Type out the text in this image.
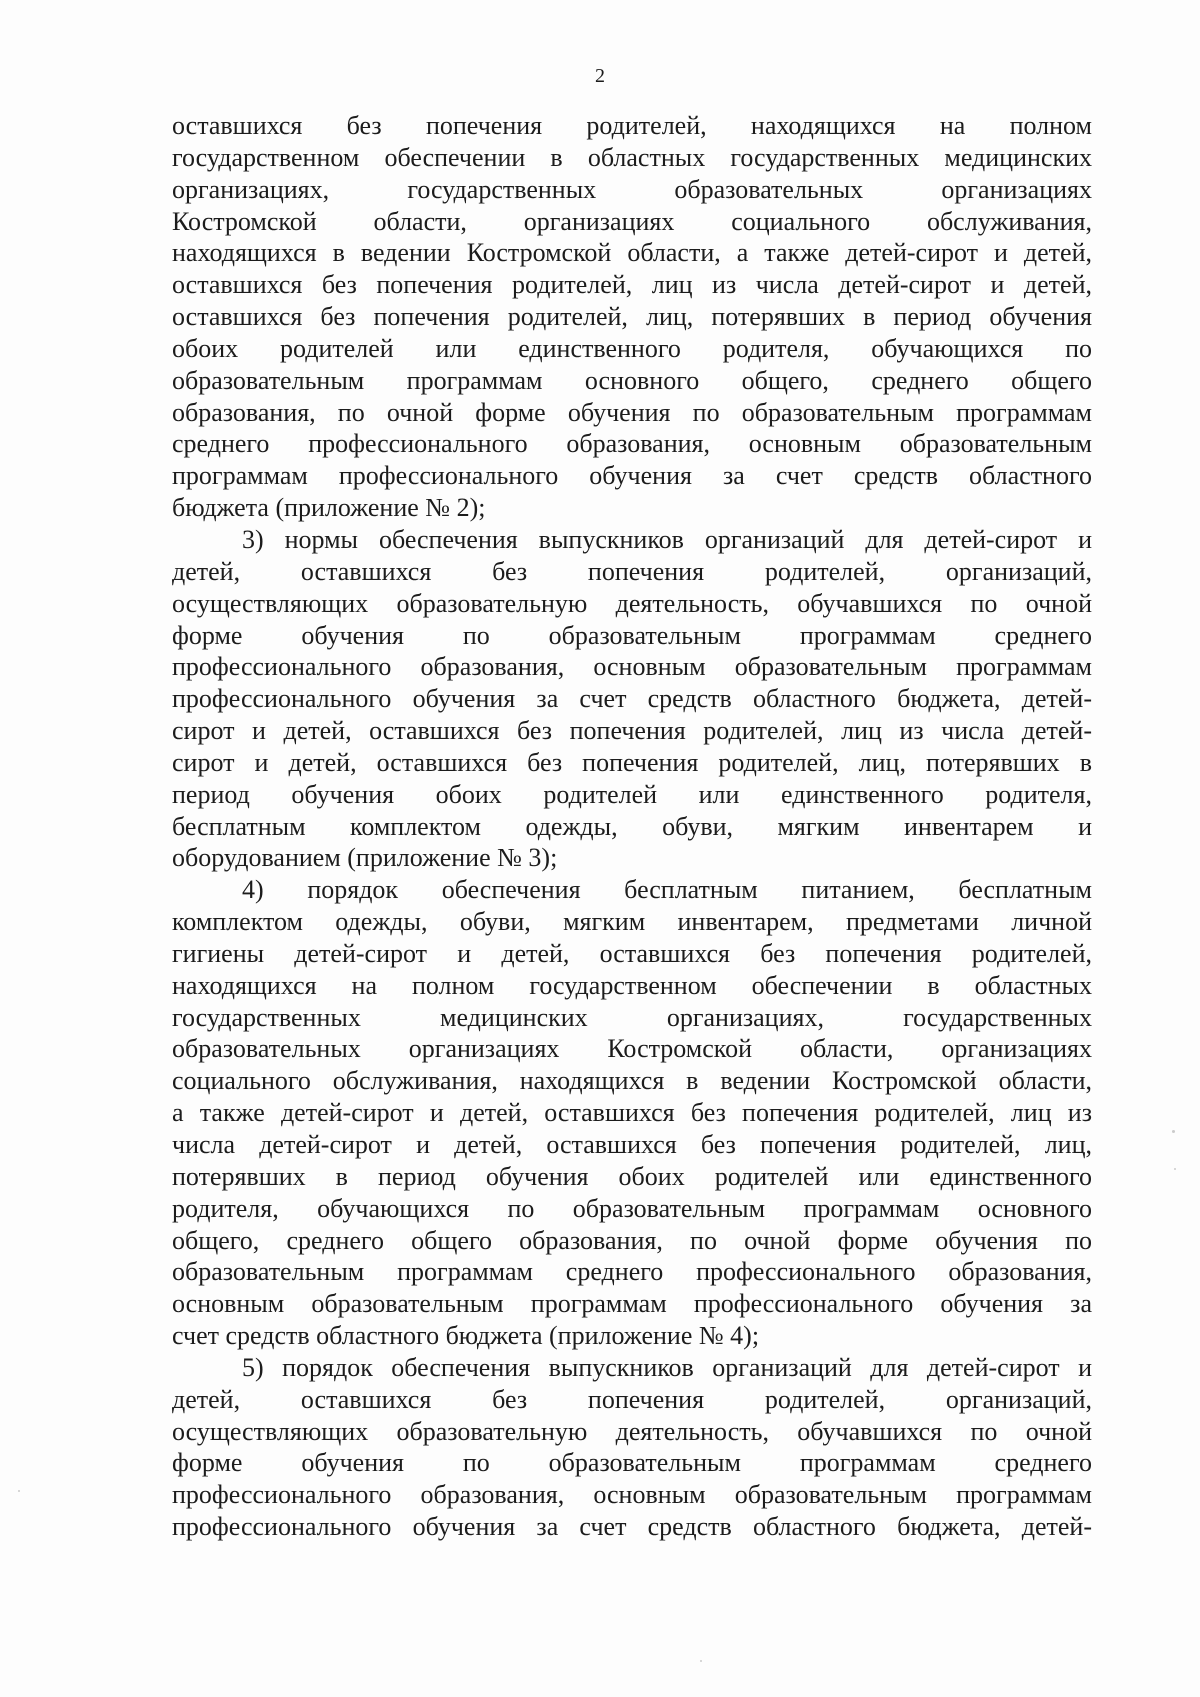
2
оставшихся без попечения родителей, находящихся на полном
государственном обеспечении в областных государственных медицинских
организациях, государственных образовательных организациях
Костромской области, организациях социального обслуживания,
находящихся в ведении Костромской области, а также детей-сирот и детей,
оставшихся без попечения родителей, лиц из числа детей-сирот и детей,
оставшихся без попечения родителей, лиц, потерявших в период обучения
обоих родителей или единственного родителя, обучающихся по
образовательным программам основного общего, среднего общего
образования, по очной форме обучения по образовательным программам
среднего профессионального образования, основным образовательным
программам профессионального обучения за счет средств областного
бюджета (приложение № 2);
3) нормы обеспечения выпускников организаций для детей-сирот и
детей, оставшихся без попечения родителей, организаций,
осуществляющих образовательную деятельность, обучавшихся по очной
форме обучения по образовательным программам среднего
профессионального образования, основным образовательным программам
профессионального обучения за счет средств областного бюджета, детей-
сирот и детей, оставшихся без попечения родителей, лиц из числа детей-
сирот и детей, оставшихся без попечения родителей, лиц, потерявших в
период обучения обоих родителей или единственного родителя,
бесплатным комплектом одежды, обуви, мягким инвентарем и
оборудованием (приложение № 3);
4) порядок обеспечения бесплатным питанием, бесплатным
комплектом одежды, обуви, мягким инвентарем, предметами личной
гигиены детей-сирот и детей, оставшихся без попечения родителей,
находящихся на полном государственном обеспечении в областных
государственных медицинских организациях, государственных
образовательных организациях Костромской области, организациях
социального обслуживания, находящихся в ведении Костромской области,
а также детей-сирот и детей, оставшихся без попечения родителей, лиц из
числа детей-сирот и детей, оставшихся без попечения родителей, лиц,
потерявших в период обучения обоих родителей или единственного
родителя, обучающихся по образовательным программам основного
общего, среднего общего образования, по очной форме обучения по
образовательным программам среднего профессионального образования,
основным образовательным программам профессионального обучения за
счет средств областного бюджета (приложение № 4);
5) порядок обеспечения выпускников организаций для детей-сирот и
детей, оставшихся без попечения родителей, организаций,
осуществляющих образовательную деятельность, обучавшихся по очной
форме обучения по образовательным программам среднего
профессионального образования, основным образовательным программам
профессионального обучения за счет средств областного бюджета, детей-
